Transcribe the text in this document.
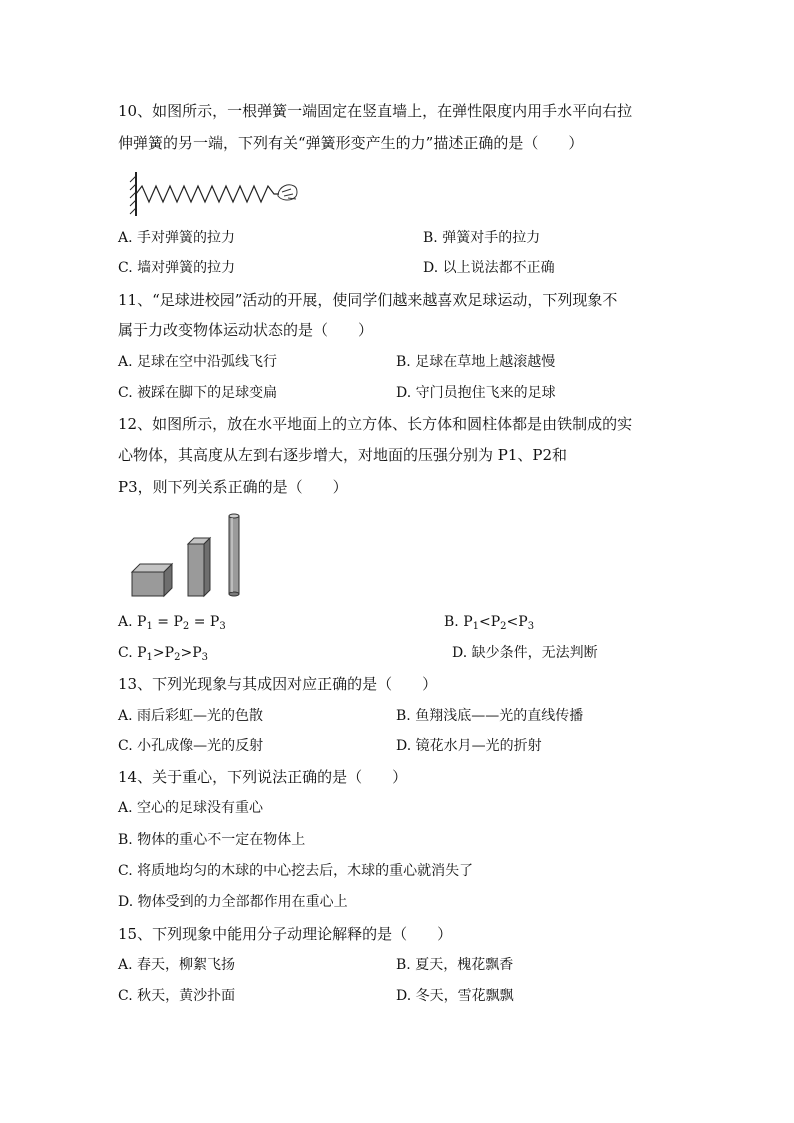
10、如图所示，一根弹簧一端固定在竖直墙上，在弹性限度内用手水平向右拉
伸弹簧的另一端，下列有关“弹簧形变产生的力”描述正确的是（　　）
A. 手对弹簧的拉力	B. 弹簧对手的拉力
C. 墙对弹簧的拉力	D. 以上说法都不正确
11、“足球进校园”活动的开展，使同学们越来越喜欢足球运动，下列现象不
属于力改变物体运动状态的是（　　）
A. 足球在空中沿弧线飞行	B. 足球在草地上越滚越慢
C. 被踩在脚下的足球变扁	D. 守门员抱住飞来的足球
12、如图所示，放在水平地面上的立方体、长方体和圆柱体都是由铁制成的实
心物体，其高度从左到右逐步增大，对地面的压强分别为 P1、P2和
P3，则下列关系正确的是（　　）
A. $P_1 = P_2 = P_3$	B. $P_1<P_2<P_3$
C. $P_1>P_2>P_3$	D. 缺少条件，无法判断
13、下列光现象与其成因对应正确的是（　　）
A. 雨后彩虹—光的色散	B. 鱼翔浅底——光的直线传播
C. 小孔成像—光的反射	D. 镜花水月—光的折射
14、关于重心，下列说法正确的是（　　）
A. 空心的足球没有重心
B. 物体的重心不一定在物体上
C. 将质地均匀的木球的中心挖去后，木球的重心就消失了
D. 物体受到的力全部都作用在重心上
15、下列现象中能用分子动理论解释的是（　　）
A. 春天，柳絮飞扬	B. 夏天，槐花飘香
C. 秋天，黄沙扑面	D. 冬天，雪花飘飘
